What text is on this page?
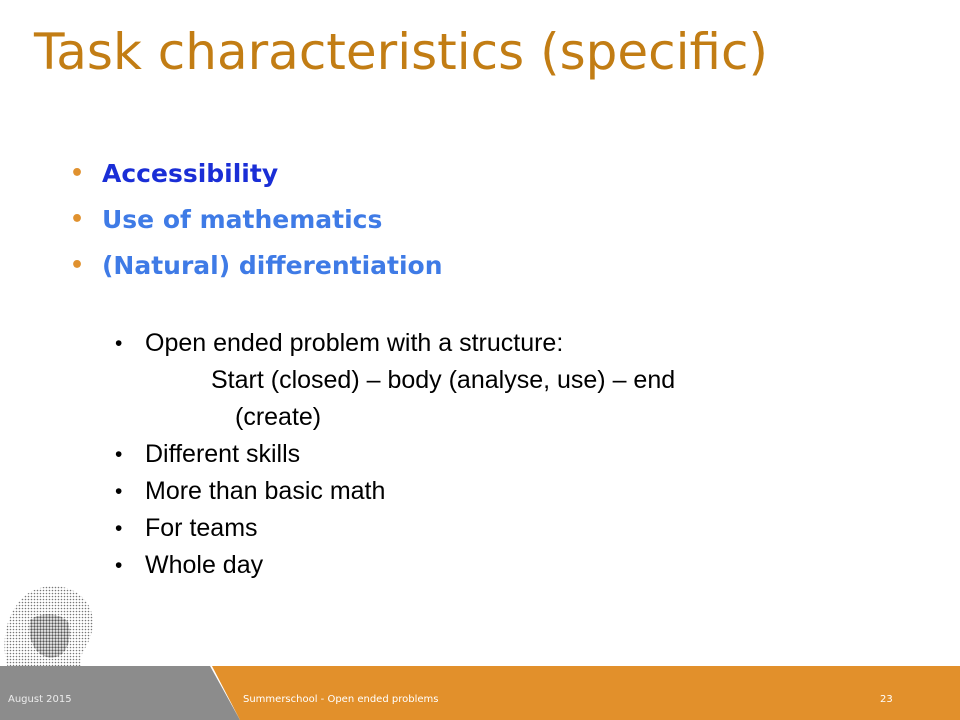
Task characteristics (specific)
• Accessibility
• Use of mathematics
• (Natural) differentiation
• Open ended problem with a structure:
Start (closed) – body (analyse, use) – end
(create)
• Different skills
• More than basic math
• For teams
• Whole day
August 2015	Summerschool - Open ended problems	23
